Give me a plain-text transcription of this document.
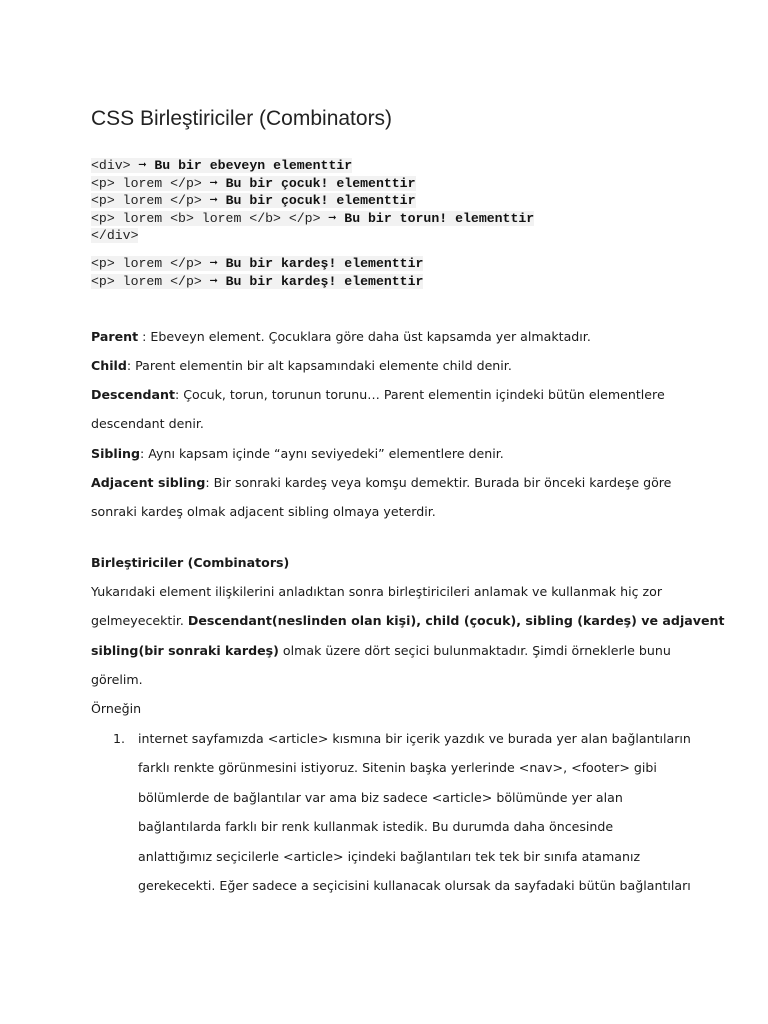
CSS Birleştiriciler (Combinators)
<div> ➞ Bu bir ebeveyn elementtir
<p> lorem </p> ➞ Bu bir çocuk! elementtir
<p> lorem </p> ➞ Bu bir çocuk! elementtir
<p> lorem <b> lorem </b> </p> ➞ Bu bir torun! elementtir
</div>
<p> lorem </p> ➞ Bu bir kardeş! elementtir
<p> lorem </p> ➞ Bu bir kardeş! elementtir
Parent : Ebeveyn element. Çocuklara göre daha üst kapsamda yer almaktadır.
Child: Parent elementin bir alt kapsamındaki elemente child denir.
Descendant: Çocuk, torun, torunun torunu… Parent elementin içindeki bütün elementlere
descendant denir.
Sibling: Aynı kapsam içinde “aynı seviyedeki” elementlere denir.
Adjacent sibling: Bir sonraki kardeş veya komşu demektir. Burada bir önceki kardeşe göre
sonraki kardeş olmak adjacent sibling olmaya yeterdir.
Birleştiriciler (Combinators)
Yukarıdaki element ilişkilerini anladıktan sonra birleştiricileri anlamak ve kullanmak hiç zor
gelmeyecektir. Descendant(neslinden olan kişi), child (çocuk), sibling (kardeş) ve adjavent
sibling(bir sonraki kardeş) olmak üzere dört seçici bulunmaktadır. Şimdi örneklerle bunu
görelim.
Örneğin
1. internet sayfamızda <article> kısmına bir içerik yazdık ve burada yer alan bağlantıların
farklı renkte görünmesini istiyoruz. Sitenin başka yerlerinde <nav>, <footer> gibi
bölümlerde de bağlantılar var ama biz sadece <article> bölümünde yer alan
bağlantılarda farklı bir renk kullanmak istedik. Bu durumda daha öncesinde
anlattığımız seçicilerle <article> içindeki bağlantıları tek tek bir sınıfa atamanız
gerekecekti. Eğer sadece a seçicisini kullanacak olursak da sayfadaki bütün bağlantıları
